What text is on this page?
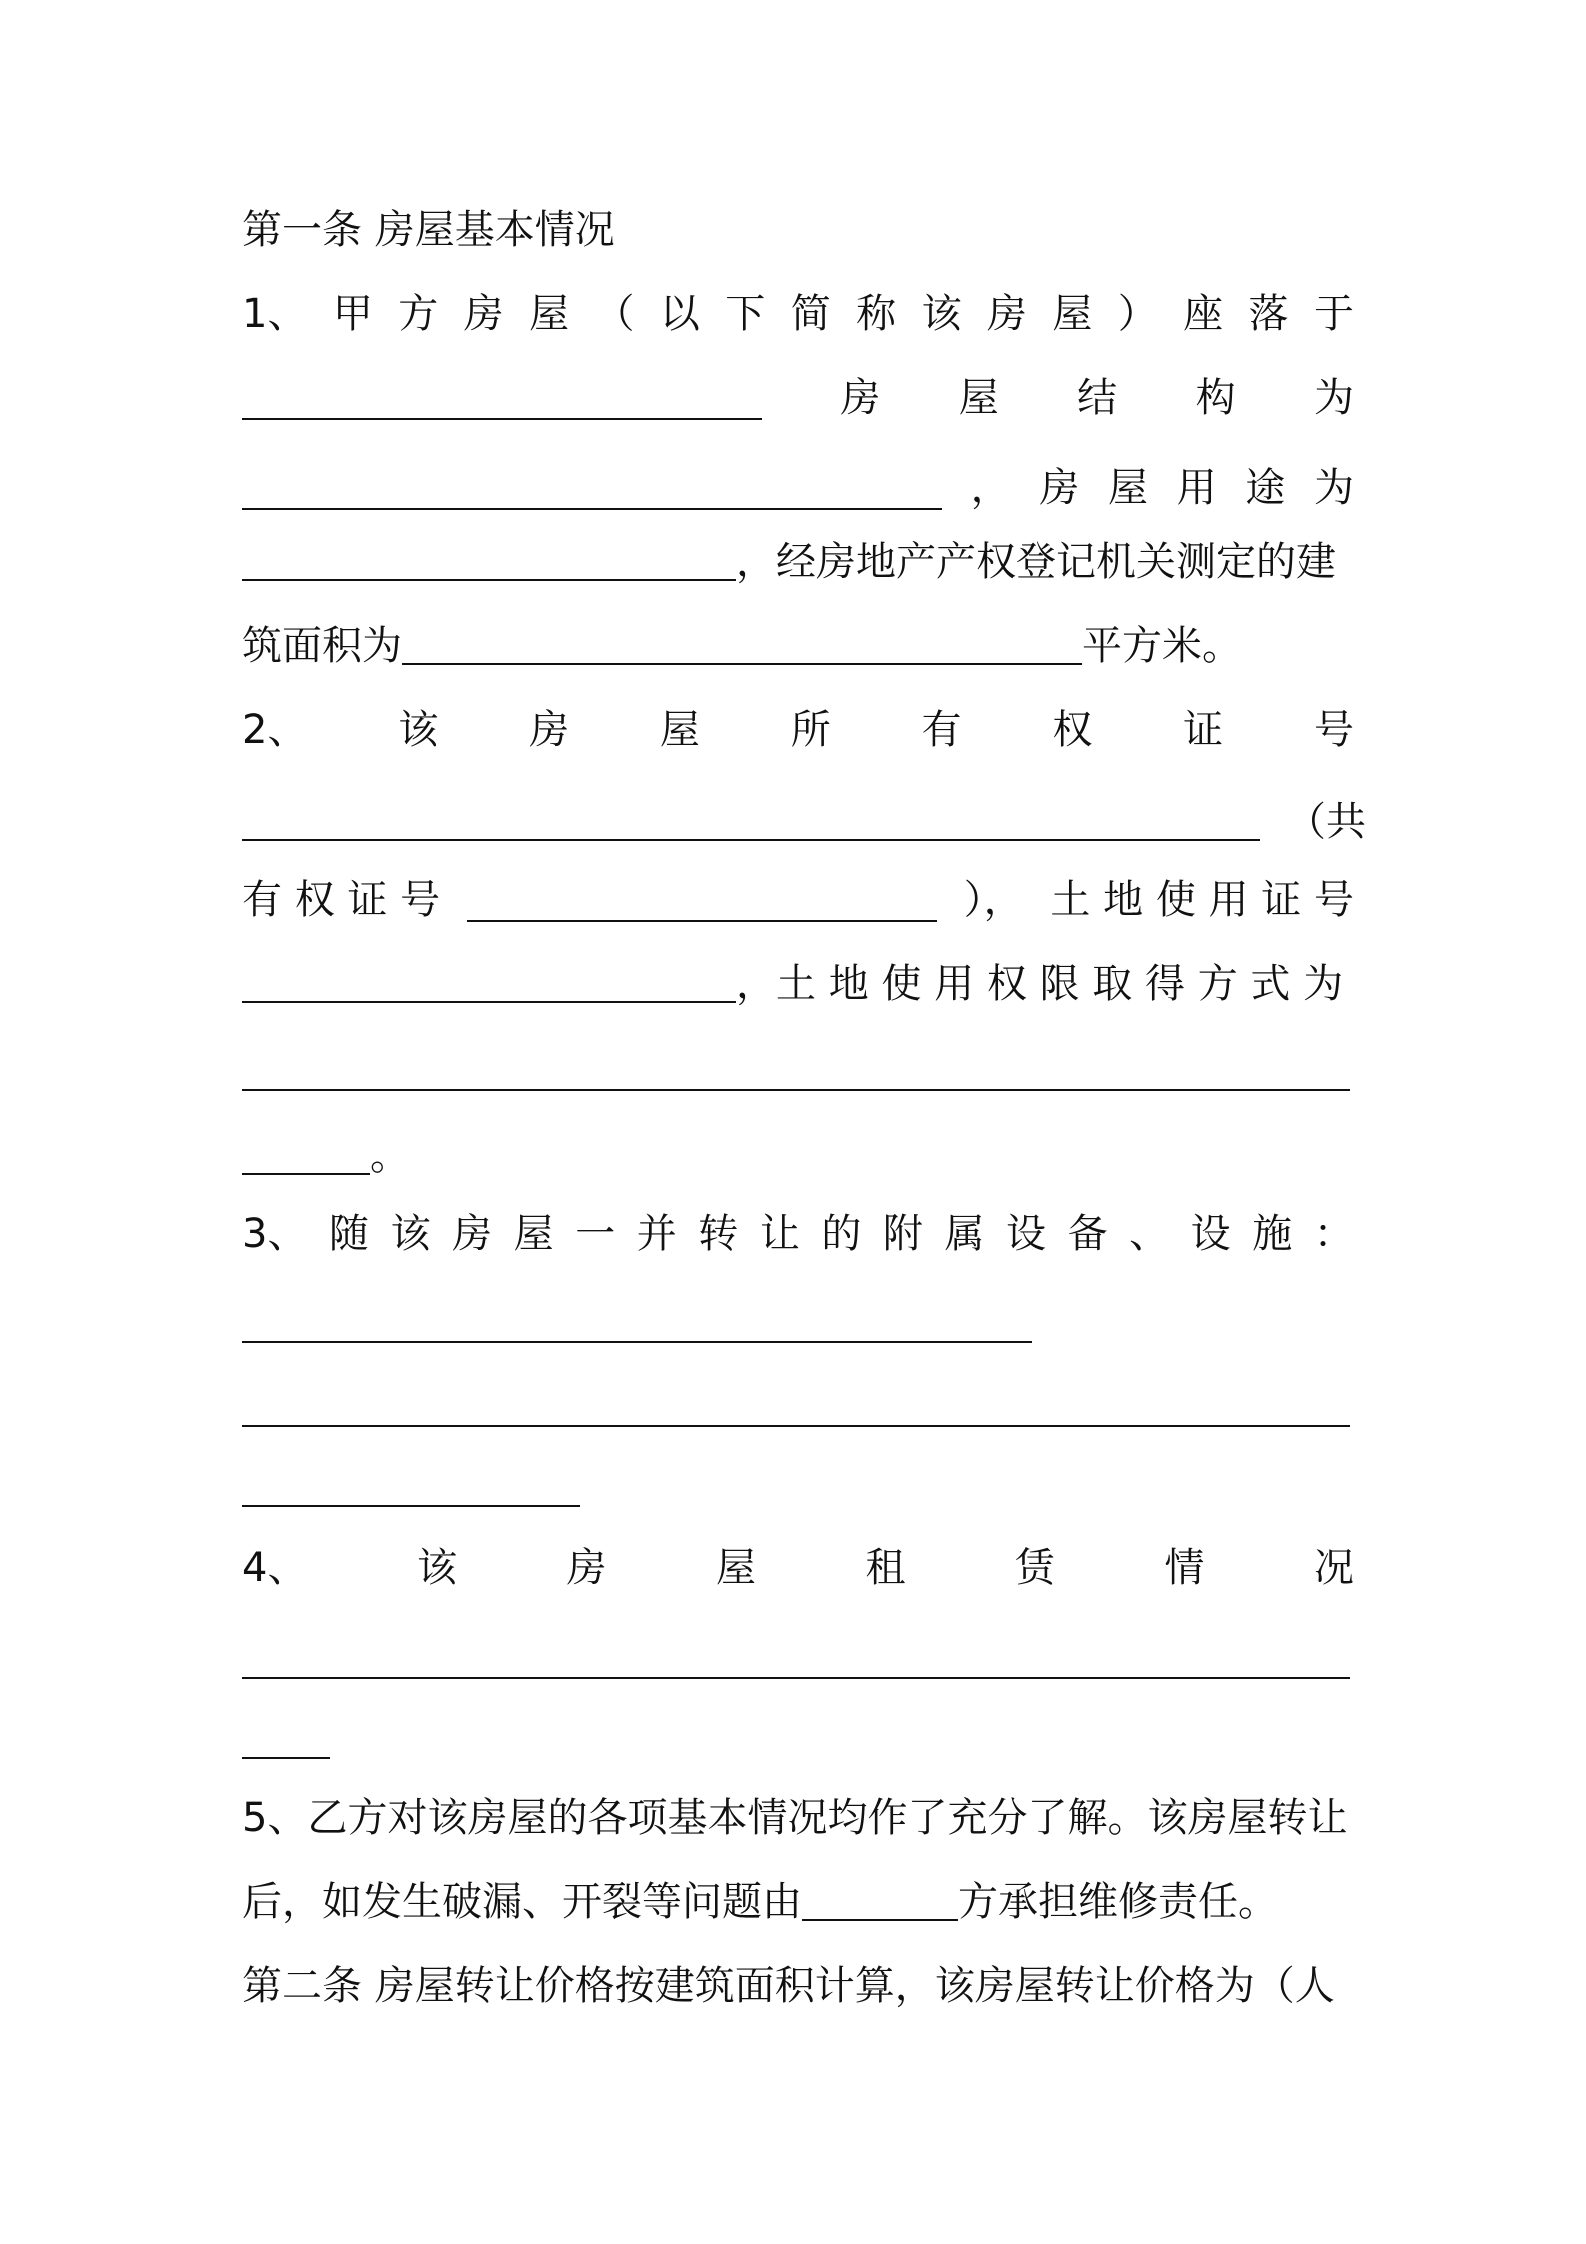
第一条 房屋基本情况
1、 甲 方 房 屋 （ 以 下 简 称 该 房 屋 ） 座 落 于
房 屋 结 构 为
， 房 屋 用 途 为
，经房地产产权登记机关测定的建
筑面积为	平方米。
2、 该 房 屋 所 有 权 证 号
（共
有 权 证 号	）， 土 地 使 用 证 号
，土 地 使 用 权 限 取 得 方 式 为
。
3、 随 该 房 屋 一 并 转 让 的 附 属 设 备 、 设 施 ：
4、	该	房	屋	租	赁	情	况
5、乙方对该房屋的各项基本情况均作了充分了解。该房屋转让
后，如发生破漏、开裂等问题由	方承担维修责任。
第二条 房屋转让价格按建筑面积计算，该房屋转让价格为（人
